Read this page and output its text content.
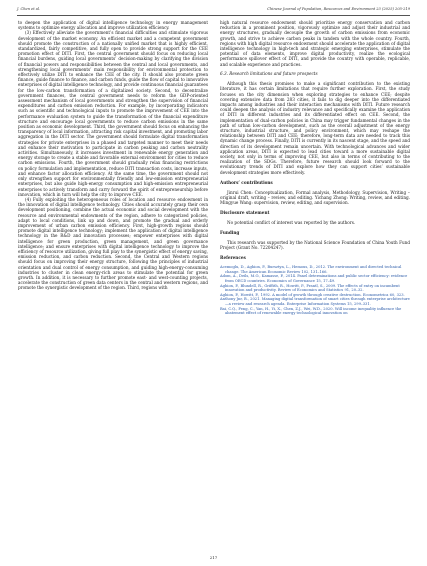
J. Chen et al.	Chinese Journal of Population, Resources and Environment 23 (2025) 205-219

to deepen the application of digital intelligence technology in energy management systems to optimize energy allocation and improve utilization efficiency.

(3) Effectively alleviate the government’s financial difficulties and stimulate vigorous development of the market economy. An efficient market and a competent government should promote the construction of a nationally unified market that is highly efficient, standardized, fairly competitive, and fully open to provide strong support for the CEE promotion effect of DITI. First, the central government should focus on reducing local financial burdens, guiding local governments’ decision-making by clarifying the division of financial powers and responsibilities between the central and local governments, and strengthening local governments’ main responsibility for environmental protection to effectively utilize DITI to enhance the CEE of the city. It should also promote green finance, guide finance to finance, and carbon funds, guide the flow of capital to innovative enterprises of digital intelligence technology, and provide continuous financial guarantees for the low-carbon transformation of a digitalized society. Second, to decentralize government finances, the central government needs to reform the GDP-oriented assessment mechanism of local governments and strengthen the supervision of financial expenditures and carbon emission reduction. For example, by incorporating indicators such as scientific and technological inputs to promote the improvement of CEE into the performance evaluation system to guide the transformation of the financial expenditure structure and encourage local governments to reduce carbon emissions in the same position as economic development. Third, the government should focus on enhancing the transparency of local information, attracting risk capital investment, and promoting labor aggregation in the DITI sector. The government should formulate digital transformation strategies for private enterprises in a phased and targeted manner to meet their needs and enhance their motivation to participate in carbon peaking and carbon neutrality activities. Simultaneously, it increases investment in renewable energy generation and energy storage to create a stable and favorable external environment for cities to reduce carbon emissions. Fourth, the government should gradually relax financing restrictions on policy formulation and implementation, reduce DITI transaction costs, increase inputs, and enhance factor allocation efficiency. At the same time, the government should not only strengthen support for environmentally friendly and low-emission entrepreneurial enterprises, but also guide high-energy consumption and high-emission entrepreneurial enterprises to actively transform and carry forward the spirit of entrepreneurship before innovation, which in turn will help the city to improve CEE.

(4) Fully exploiting the heterogeneous roles of location and resource endowment in the innovation of digital intelligence technology. Cities should accurately grasp their own development positioning, combine the actual economic and social development with the resource and environmental endowments of the region, adhere to categorized policies, adapt to local conditions, link up and down, and promote the gradual and orderly improvement of urban carbon emission efficiency. First, high-growth regions should promote digital intelligence technology; implement the application of digital intelligence technology in the R&D and innovation processes; empower enterprises with digital intelligence for green production, green management, and green governance intelligence; and ensure enterprises with digital intelligence technology to improve the efficiency of resource utilization, giving full play to the synergistic effect of energy saving, emission reduction, and carbon reduction. Second, the Central and Western regions should focus on improving their energy structure, following the principles of industrial orientation and dual control of energy consumption, and guiding high-energy-consuming industries to cluster in clean energy-rich areas to stimulate the potential for green growth. In addition, it is necessary to further promote east- and west-counting projects, accelerate the construction of green data centers in the central and western regions, and promote the synergistic development of the region. Third, regions with

high natural resource endowment should prioritize energy conservation and carbon reduction in a prominent position, vigorously optimize and adjust their industrial and energy structures, gradually decouple the growth of carbon emissions from economic growth, and strive to achieve carbon peaks in tandem with the whole country. Fourth, regions with high digital resource endowment should accelerate the application of digital intelligence technology in high-tech and strategic emerging enterprises, stimulate the potential of data elements, improve digital productivity, realize the ecological performance spillover effect of DITI, and provide the country with operable, replicable, and scalable experience and practices.

6.3. Research limitations and future prospects

Although this thesis promises to make a significant contribution to the existing literature, it has certain limitations that require further exploration. First, the study focuses on the city dimension when exploring strategies to enhance CEE; despite covering extensive data from 283 cities, it fails to dig deeper into the differentiated impacts among industries and their interaction mechanisms with DITI. Future research could deepen the analysis of industry relevance and specifically examine the application of DITI in different industries and its differentiated effect on CEE. Second, the implementation of dual-carbon policies in China may trigger fundamental changes in the path of urban low-carbon development, such as the overall adjustment of the energy structure, industrial structure, and policy environment, which may reshape the relationship between DITI and CEE; therefore, long-term data are needed to track this dynamic change process. Finally, DITI is currently in its nascent stage, and the speed and direction of its development remain uncertain. With technological advances and wider application areas, DITI is expected to lead cities toward a more sustainable digital society, not only in terms of improving CEE, but also in terms of contributing to the realization of the SDGs. Therefore, future research should look forward to the evolutionary trends of DITI and explore how they can support cities’ sustainable development strategies more effectively.

Authors’ contributions

Jinrui Chen: Conceptualization, Formal analysis, Methodology, Supervision, Writing – original draft, writing – review, and editing. Yichang Zhong: Writing, review, and editing. Mingyue Wang: supervision, review, editing, and supervision.

Disclosure statement

No potential conflict of interest was reported by the authors.

Funding

This research was supported by the National Science Foundation of China Youth Fund Project (Grant No. 72204247).

References
Acemoglu, D., Aghion, P., Bursztyn, L., Hemous, D., 2012. The environment and directed technical change. The American Economic Review 102, 131–166.
Adom, A., Deils, M.O., Kamasse, P., 2014. Panel determinations and public sector efficiency: evidence from OECD countries. Economics of Governance 15, 17–49.
Aghion, P., Blundell, R., Griffith, R., Howitt, P., Prantl, S., 2009. The effects of entry on incumbent innovation and productivity. Review of Economics and Statistics 91, 20–32.
Aghion, P., Howitt, P., 1992. A model of growth through creative destruction. Econometrica 60, 323.
Anthony Jnr, B., 2021. Managing digital transformation of smart cities through enterprise architecture—a review and research agenda. Enterprise Information Systems 15, 299–331.
Bai, C.Q., Feng, C., Yan, H., Yi, X., Chen, Z.J., Wei, W.D., 2020. Will income inequality influence the abatement effect of renewable energy technological innovation on
217
